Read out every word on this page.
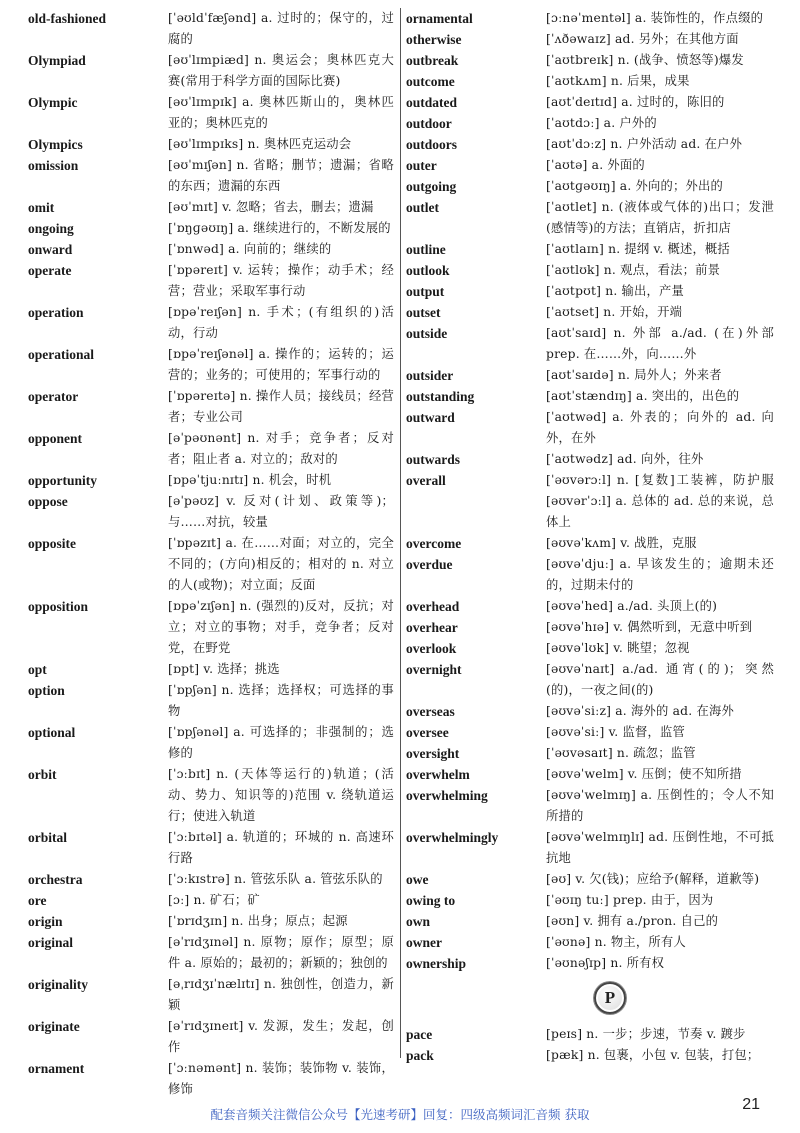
old-fashioned	[ˈəʊldˈfæʃənd] a. 过时的；保守的，过腐的
Olympiad	[əʊˈlɪmpiæd] n. 奥运会；奥林匹克大赛(常用于科学方面的国际比赛)
Olympic	[əʊˈlɪmpɪk] a. 奥林匹斯山的，奥林匹亚的；奥林匹克的
Olympics	[əʊˈlɪmpɪks] n. 奥林匹克运动会
omission	[əʊˈmɪʃən] n. 省略；删节；遗漏；省略的东西；遗漏的东西
omit	[əʊˈmɪt] v. 忽略；省去，删去；遗漏
ongoing	[ˈɒŋɡəʊɪŋ] a. 继续进行的，不断发展的
onward	[ˈɒnwəd] a. 向前的；继续的
operate	[ˈɒpəreɪt] v. 运转；操作；动手术；经营；营业；采取军事行动
operation	[ɒpəˈreɪʃən] n. 手术；(有组织的)活动，行动
operational	[ɒpəˈreɪʃənəl] a. 操作的；运转的；运营的；业务的；可使用的；军事行动的
operator	[ˈɒpəreɪtə] n. 操作人员；接线员；经营者；专业公司
opponent	[əˈpəʊnənt] n. 对手；竞争者；反对者；阻止者 a. 对立的；敌对的
opportunity	[ɒpəˈtjuːnɪtɪ] n. 机会，时机
oppose	[əˈpəʊz] v. 反对(计划、政策等)；与……对抗，较量
opposite	[ˈɒpəzɪt] a. 在……对面；对立的，完全不同的；(方向)相反的；相对的 n. 对立的人(或物)；对立面；反面
opposition	[ɒpəˈzɪʃən] n. (强烈的)反对，反抗；对立；对立的事物；对手，竞争者；反对党，在野党
opt	[ɒpt] v. 选择；挑选
option	[ˈɒpʃən] n. 选择；选择权；可选择的事物
optional	[ˈɒpʃənəl] a. 可选择的；非强制的；选修的
orbit	[ˈɔːbɪt] n. (天体等运行的)轨道；(活动、势力、知识等的)范围 v. 绕轨道运行；使进入轨道
orbital	[ˈɔːbɪtəl] a. 轨道的；环城的 n. 高速环行路
orchestra	[ˈɔːkɪstrə] n. 管弦乐队 a. 管弦乐队的
ore	[ɔː] n. 矿石；矿
origin	[ˈɒrɪdʒɪn] n. 出身；原点；起源
original	[əˈrɪdʒɪnəl] n. 原物；原作；原型；原件 a. 原始的；最初的；新颖的；独创的
originality	[əˌrɪdʒɪˈnælɪtɪ] n. 独创性，创造力，新颖
originate	[əˈrɪdʒɪneɪt] v. 发源，发生；发起，创作
ornament	[ˈɔːnəmənt] n. 装饰；装饰物 v. 装饰，修饰
ornamental	[ɔːnəˈmentəl] a. 装饰性的，作点缀的
otherwise	[ˈʌðəwaɪz] ad. 另外；在其他方面
outbreak	[ˈaʊtbreɪk] n. (战争、愤怒等)爆发
outcome	[ˈaʊtkʌm] n. 后果，成果
outdated	[aʊtˈdeɪtɪd] a. 过时的，陈旧的
outdoor	[ˈaʊtdɔː] a. 户外的
outdoors	[aʊtˈdɔːz] n. 户外活动 ad. 在户外
outer	[ˈaʊtə] a. 外面的
outgoing	[ˈaʊtɡəʊɪŋ] a. 外向的；外出的
outlet	[ˈaʊtlet] n. (液体或气体的)出口；发泄(感情等)的方法；直销店，折扣店
outline	[ˈaʊtlaɪn] n. 提纲 v. 概述，概括
outlook	[ˈaʊtlʊk] n. 观点，看法；前景
output	[ˈaʊtpʊt] n. 输出，产量
outset	[ˈaʊtset] n. 开始，开端
outside	[aʊtˈsaɪd] n. 外部 a./ad. (在)外部 prep. 在……外，向……外
outsider	[aʊtˈsaɪdə] n. 局外人；外来者
outstanding	[aʊtˈstændɪŋ] a. 突出的，出色的
outward	[ˈaʊtwəd] a. 外表的；向外的 ad. 向外，在外
outwards	[ˈaʊtwədz] ad. 向外，往外
overall	[ˈəʊvərɔːl] n. [复数]工装裤，防护服 [əʊvərˈɔːl] a. 总体的 ad. 总的来说，总体上
overcome	[əʊvəˈkʌm] v. 战胜，克服
overdue	[əʊvəˈdjuː] a. 早该发生的；逾期未还的，过期未付的
overhead	[əʊvəˈhed] a./ad. 头顶上(的)
overhear	[əʊvəˈhɪə] v. 偶然听到，无意中听到
overlook	[əʊvəˈlʊk] v. 眺望；忽视
overnight	[əʊvəˈnaɪt] a./ad. 通宵(的)；突然(的)，一夜之间(的)
overseas	[əʊvəˈsiːz] a. 海外的 ad. 在海外
oversee	[əʊvəˈsiː] v. 监督，监管
oversight	[ˈəʊvəsaɪt] n. 疏忽；监管
overwhelm	[əʊvəˈwelm] v. 压倒；使不知所措
overwhelming	[əʊvəˈwelmɪŋ] a. 压倒性的；令人不知所措的
overwhelmingly	[əʊvəˈwelmɪŋlɪ] ad. 压倒性地，不可抵抗地
owe	[əʊ] v. 欠(钱)；应给予(解释，道歉等)
owing to	[ˈəʊɪŋ tuː] prep. 由于，因为
own	[əʊn] v. 拥有 a./pron. 自己的
owner	[ˈəʊnə] n. 物主，所有人
ownership	[ˈəʊnəʃɪp] n. 所有权
P
pace	[peɪs] n. 一步；步速，节奏 v. 踱步
pack	[pæk] n. 包裹，小包 v. 包装，打包；
配套音频关注微信公众号【光速考研】回复：四级高频词汇音频 获取
21
